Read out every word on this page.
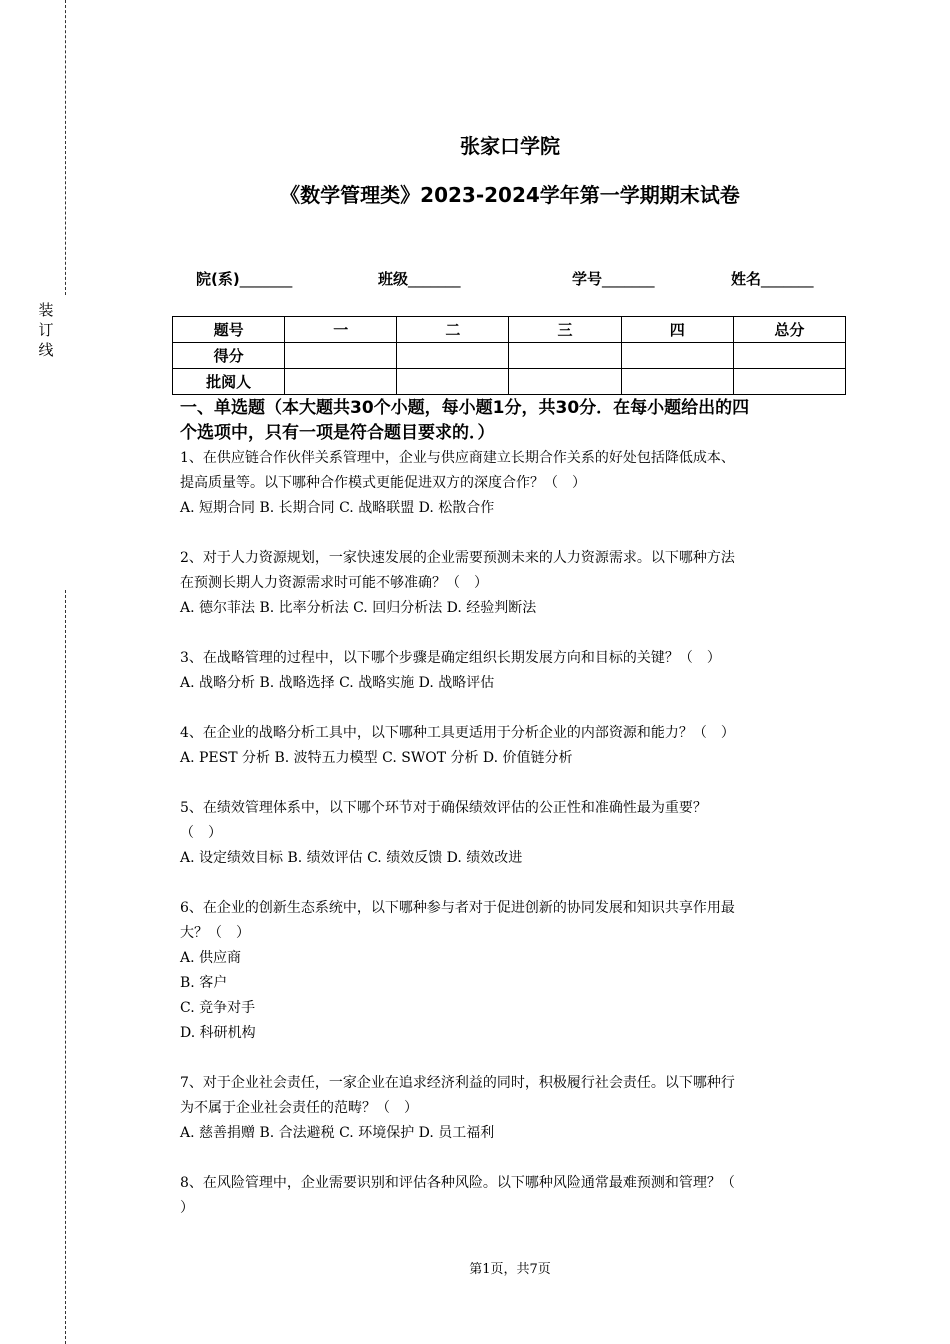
装订线
张家口学院
《数学管理类》2023-2024学年第一学期期末试卷
院(系)_______	班级_______	学号_______	姓名_______
题号	一	二	三	四	总分
得分					
批阅人					

一、单选题（本大题共30个小题，每小题1分，共30分．在每小题给出的四

个选项中，只有一项是符合题目要求的．）

1、在供应链合作伙伴关系管理中，企业与供应商建立长期合作关系的好处包括降低成本、

提高质量等。以下哪种合作模式更能促进双方的深度合作？（　）

A. 短期合同 B. 长期合同 C. 战略联盟 D. 松散合作

2、对于人力资源规划，一家快速发展的企业需要预测未来的人力资源需求。以下哪种方法

在预测长期人力资源需求时可能不够准确？（　）

A. 德尔菲法 B. 比率分析法 C. 回归分析法 D. 经验判断法

3、在战略管理的过程中，以下哪个步骤是确定组织长期发展方向和目标的关键？（　）

A. 战略分析 B. 战略选择 C. 战略实施 D. 战略评估

4、在企业的战略分析工具中，以下哪种工具更适用于分析企业的内部资源和能力？（　）

A. PEST 分析 B. 波特五力模型 C. SWOT 分析 D. 价值链分析

5、在绩效管理体系中，以下哪个环节对于确保绩效评估的公正性和准确性最为重要？

（　）

A. 设定绩效目标 B. 绩效评估 C. 绩效反馈 D. 绩效改进

6、在企业的创新生态系统中，以下哪种参与者对于促进创新的协同发展和知识共享作用最

大？（　）

A. 供应商

B. 客户

C. 竞争对手

D. 科研机构

7、对于企业社会责任，一家企业在追求经济利益的同时，积极履行社会责任。以下哪种行

为不属于企业社会责任的范畴？（　）

A. 慈善捐赠 B. 合法避税 C. 环境保护 D. 员工福利

8、在风险管理中，企业需要识别和评估各种风险。以下哪种风险通常最难预测和管理？（

）

第1页，共7页
